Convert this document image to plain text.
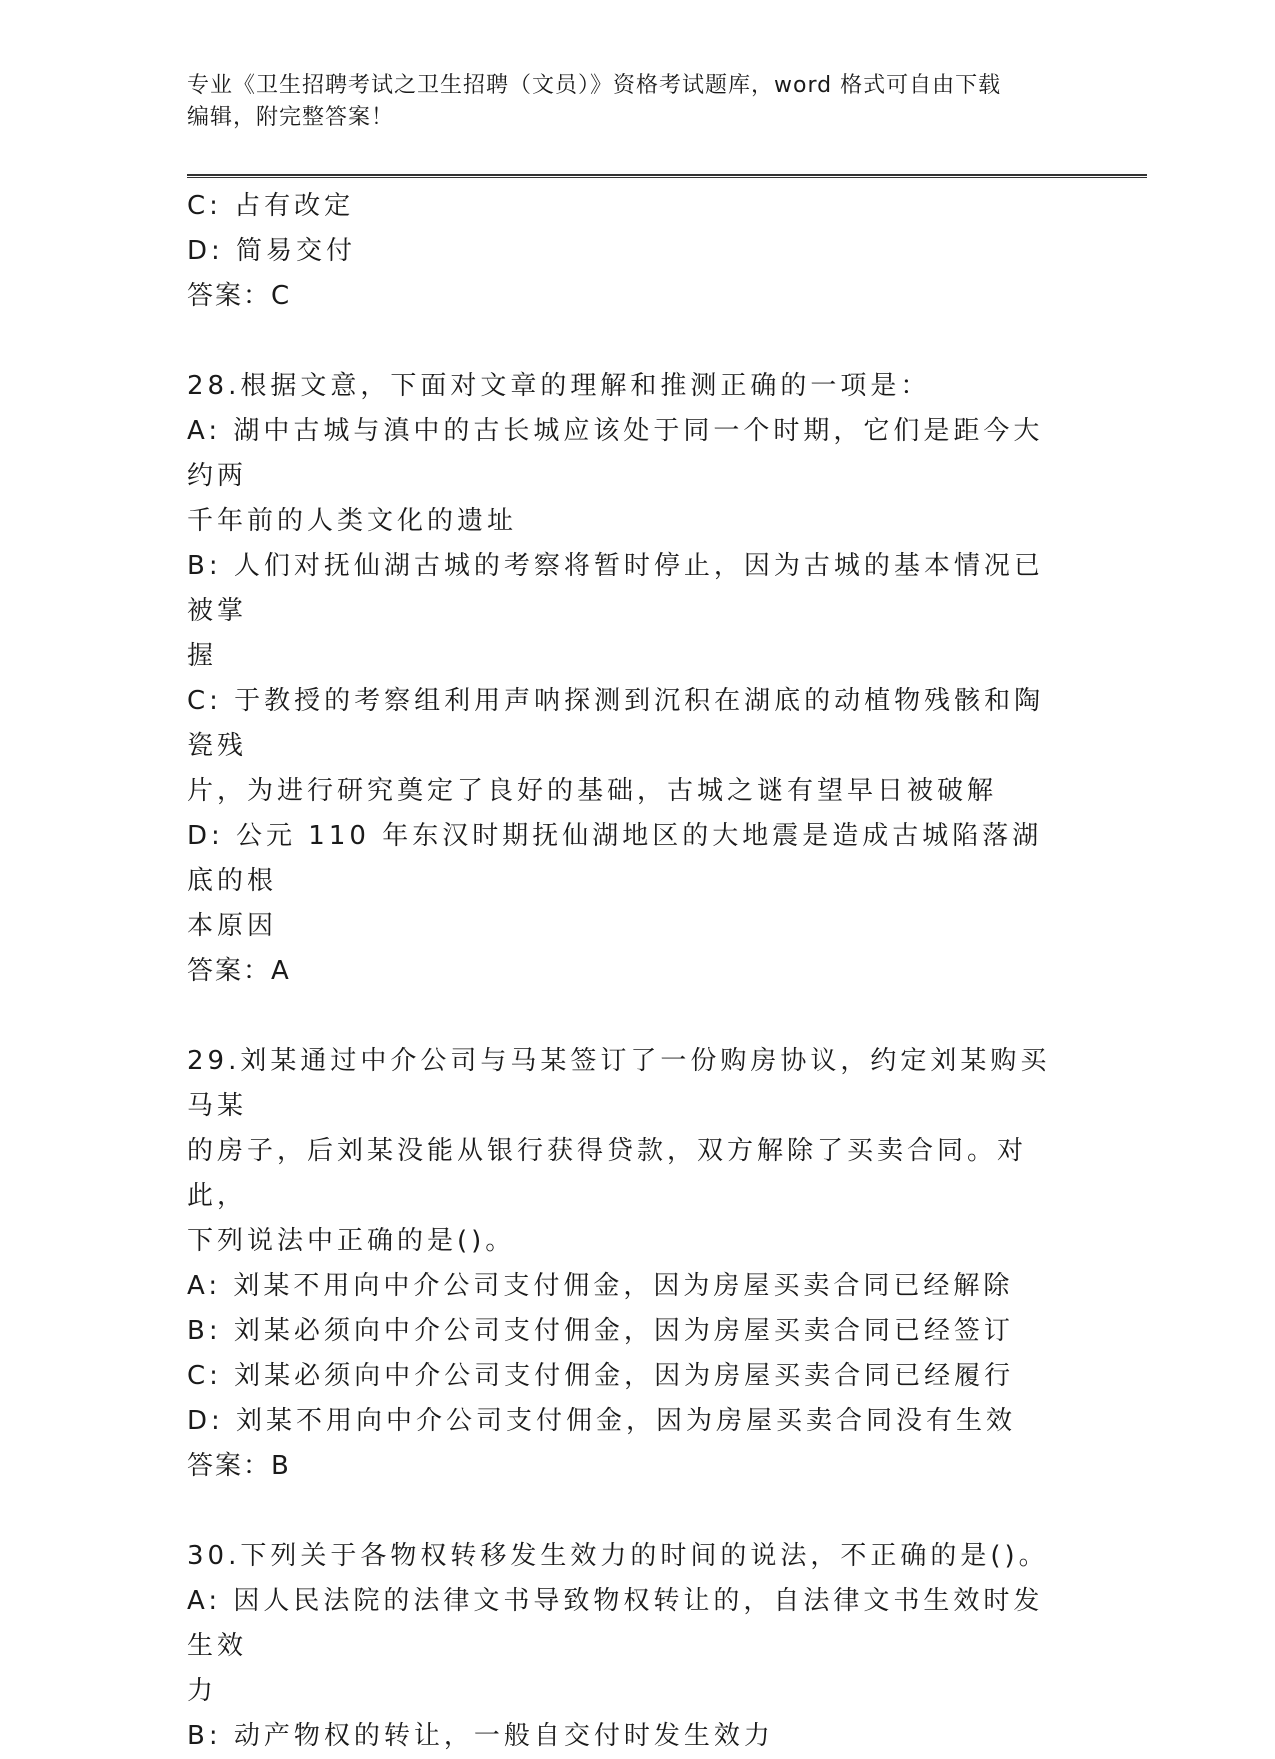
专业《卫生招聘考试之卫生招聘（文员）》资格考试题库，word 格式可自由下载
编辑，附完整答案！

C: 占有改定

D: 简易交付

答案：C

28.根据文意，下面对文章的理解和推测正确的一项是：

A: 湖中古城与滇中的古长城应该处于同一个时期，它们是距今大约两

千年前的人类文化的遗址

B: 人们对抚仙湖古城的考察将暂时停止，因为古城的基本情况已被掌

握

C: 于教授的考察组利用声呐探测到沉积在湖底的动植物残骸和陶瓷残

片，为进行研究奠定了良好的基础，古城之谜有望早日被破解

D: 公元 110 年东汉时期抚仙湖地区的大地震是造成古城陷落湖底的根

本原因

答案：A

29.刘某通过中介公司与马某签订了一份购房协议，约定刘某购买马某

的房子，后刘某没能从银行获得贷款，双方解除了买卖合同。对此，

下列说法中正确的是()。

A: 刘某不用向中介公司支付佣金，因为房屋买卖合同已经解除

B: 刘某必须向中介公司支付佣金，因为房屋买卖合同已经签订

C: 刘某必须向中介公司支付佣金，因为房屋买卖合同已经履行

D: 刘某不用向中介公司支付佣金，因为房屋买卖合同没有生效

答案：B

30.下列关于各物权转移发生效力的时间的说法，不正确的是()。

A: 因人民法院的法律文书导致物权转让的，自法律文书生效时发生效

力

B: 动产物权的转让，一般自交付时发生效力
